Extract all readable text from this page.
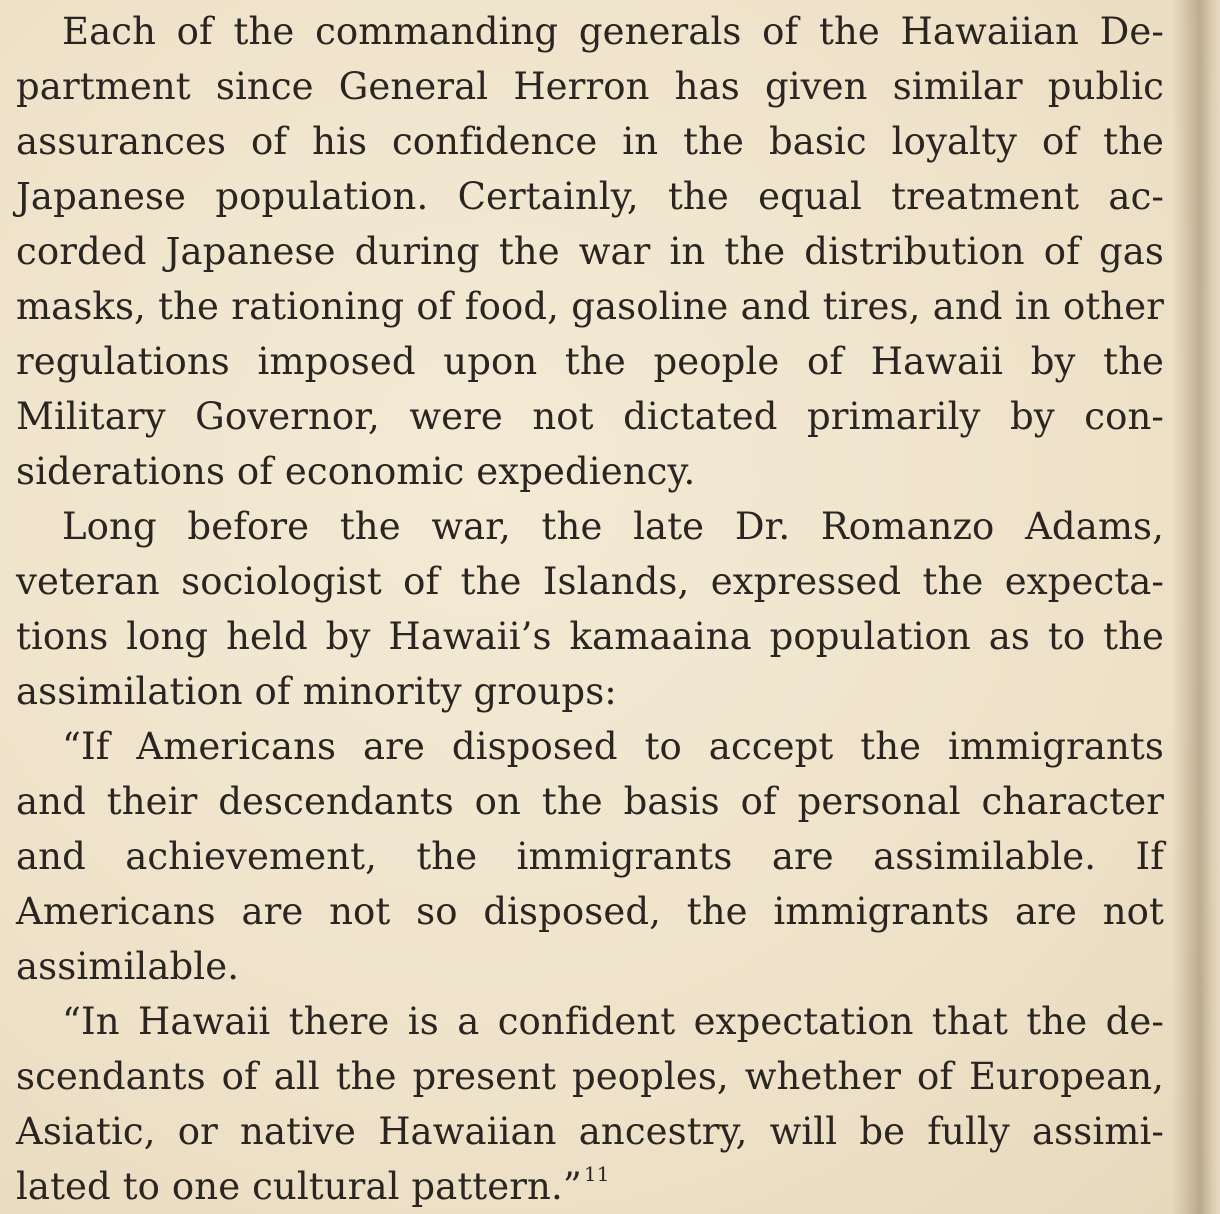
Each of the commanding generals of the Hawaiian De-
partment since General Herron has given similar public
assurances of his confidence in the basic loyalty of the
Japanese population. Certainly, the equal treatment ac-
corded Japanese during the war in the distribution of gas
masks, the rationing of food, gasoline and tires, and in other
regulations imposed upon the people of Hawaii by the
Military Governor, were not dictated primarily by con-
siderations of economic expediency.
Long before the war, the late Dr. Romanzo Adams,
veteran sociologist of the Islands, expressed the expecta-
tions long held by Hawaii’s kamaaina population as to the
assimilation of minority groups:
“If Americans are disposed to accept the immigrants
and their descendants on the basis of personal character
and achievement, the immigrants are assimilable. If
Americans are not so disposed, the immigrants are not
assimilable.
“In Hawaii there is a confident expectation that the de-
scendants of all the present peoples, whether of European,
Asiatic, or native Hawaiian ancestry, will be fully assimi-
lated to one cultural pattern.” $^{11}$
